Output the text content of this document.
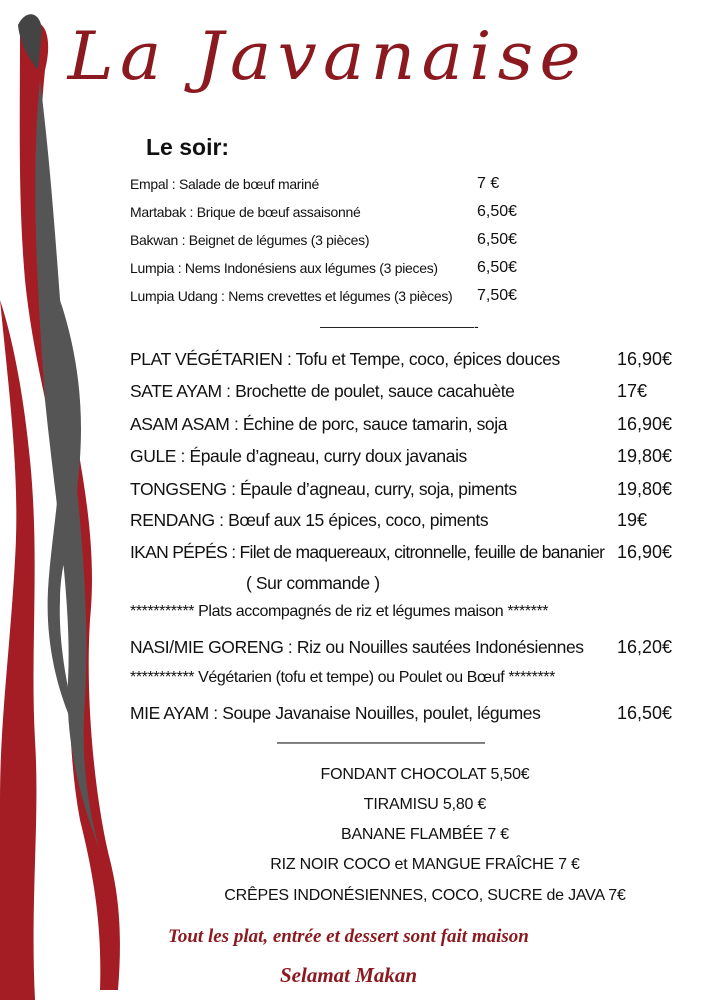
La Javanaise
Le soir:
Empal : Salade de bœuf mariné	7 €
Martabak : Brique de bœuf assaisonné	6,50€
Bakwan : Beignet de légumes (3 pièces)	6,50€
Lumpia : Nems Indonésiens aux légumes (3 pieces) 6,50€
Lumpia Udang : Nems crevettes et légumes (3 pièces) 7,50€
———————————-
PLAT VÉGÉTARIEN : Tofu et Tempe, coco, épices douces	16,90€
SATE AYAM : Brochette de poulet, sauce cacahuète	17€
ASAM ASAM : Échine de porc, sauce tamarin, soja	16,90€
GULE : Épaule d’agneau, curry doux javanais	19,80€
TONGSENG : Épaule d’agneau, curry, soja, piments	19,80€
RENDANG : Bœuf aux 15 épices, coco, piments	19€
IKAN PÉPÉS : Filet de maquereaux, citronnelle, feuille de bananier 16,90€
( Sur commande )
*********** Plats accompagnés de riz et légumes maison *******
NASI/MIE GORENG : Riz ou Nouilles sautées Indonésiennes 16,20€
*********** Végétarien (tofu et tempe) ou Poulet ou Bœuf ********
MIE AYAM : Soupe Javanaise Nouilles, poulet, légumes	16,50€
—————————————
FONDANT CHOCOLAT 5,50€
TIRAMISU 5,80 €
BANANE FLAMBÉE 7 €
RIZ NOIR COCO et MANGUE FRAÎCHE 7 €
CRÊPES INDONÉSIENNES, COCO, SUCRE de JAVA 7€
Tout les plat, entrée et dessert sont fait maison
Selamat Makan
